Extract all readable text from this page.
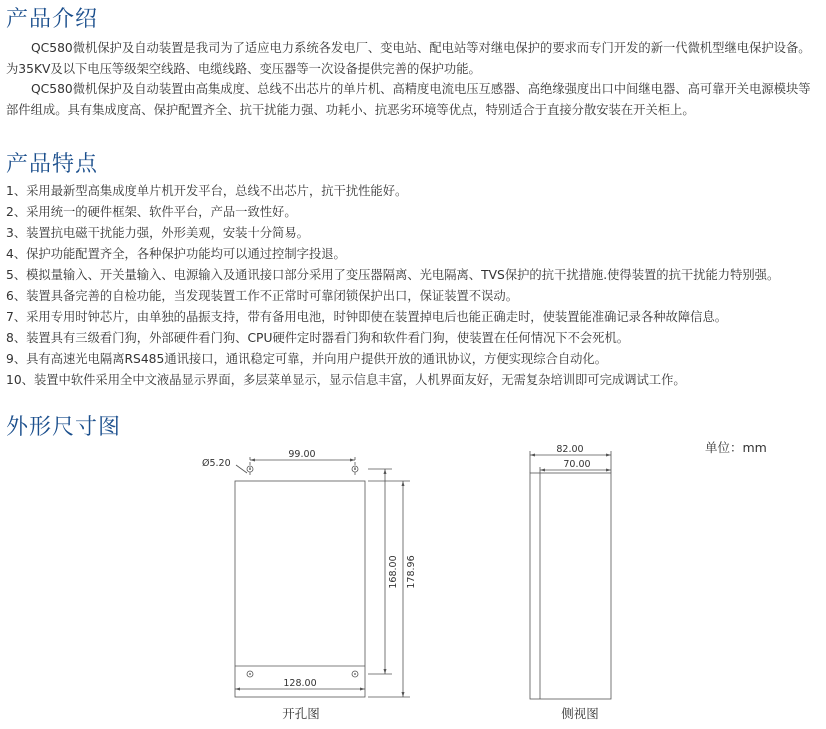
产品介绍

QC580微机保护及自动装置是我司为了适应电力系统各发电厂、变电站、配电站等对继电保护的要求而专门开发的新一代微机型继电保护设备。为35KV及以下电压等级架空线路、电缆线路、变压器等一次设备提供完善的保护功能。

QC580微机保护及自动装置由高集成度、总线不出芯片的单片机、高精度电流电压互感器、高绝缘强度出口中间继电器、高可靠开关电源模块等部件组成。具有集成度高、保护配置齐全、抗干扰能力强、功耗小、抗恶劣环境等优点，特别适合于直接分散安装在开关柜上。

产品特点
1、采用最新型高集成度单片机开发平台，总线不出芯片，抗干扰性能好。
2、采用统一的硬件框架、软件平台，产品一致性好。
3、装置抗电磁干扰能力强，外形美观，安装十分简易。
4、保护功能配置齐全，各种保护功能均可以通过控制字投退。
5、模拟量输入、开关量输入、电源输入及通讯接口部分采用了变压器隔离、光电隔离、TVS保护的抗干扰措施.使得装置的抗干扰能力特别强。
6、装置具备完善的自检功能，当发现装置工作不正常时可靠闭锁保护出口，保证装置不误动。
7、采用专用时钟芯片，由单独的晶振支持，带有备用电池，时钟即使在装置掉电后也能正确走时，使装置能准确记录各种故障信息。
8、装置具有三级看门狗，外部硬件看门狗、CPU硬件定时器看门狗和软件看门狗，使装置在任何情况下不会死机。
9、具有高速光电隔离RS485通讯接口，通讯稳定可靠，并向用户提供开放的通讯协议，方便实现综合自动化。
10、装置中软件采用全中文液晶显示界面，多层菜单显示，显示信息丰富，人机界面友好，无需复杂培训即可完成调试工作。
外形尺寸图
Ø5.20
99.00
128.00
168.00 178.96
82.00
70.00
开孔图	侧视图
单位：mm
